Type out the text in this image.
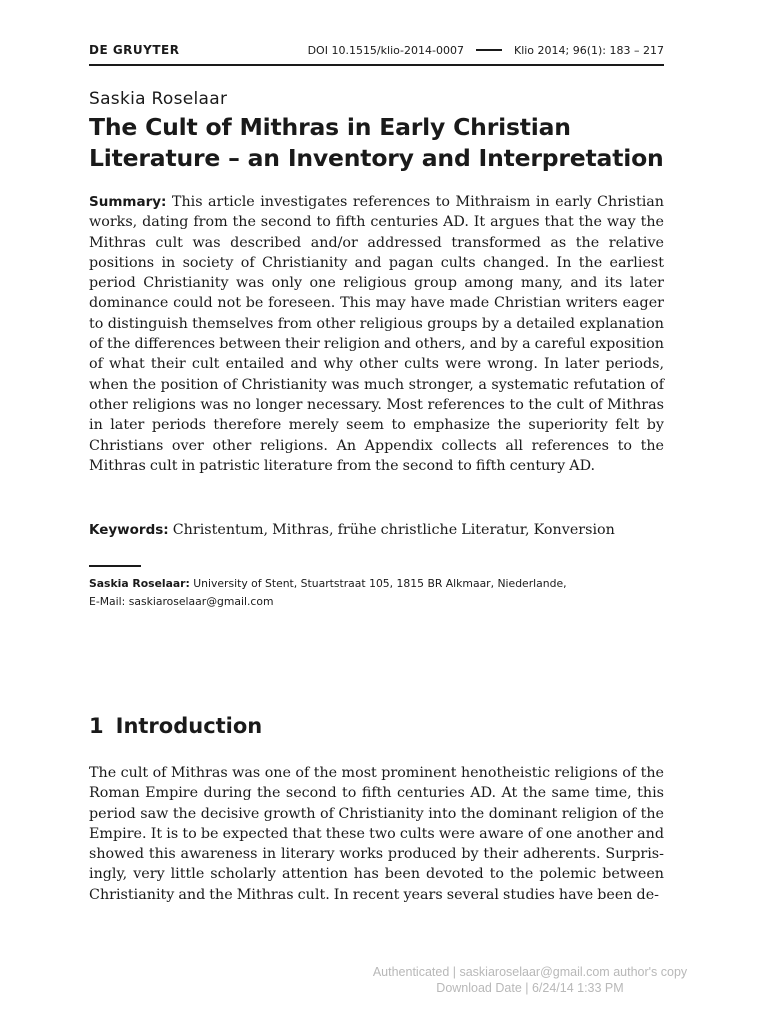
DE GRUYTER	DOI 10.1515/klio-2014-0007	Klio 2014; 96(1): 183 – 217
Saskia Roselaar
The Cult of Mithras in Early Christian
Literature – an Inventory and Interpretation

Summary: This article investigates references to Mithraism in early Christian works, dating from the second to fifth centuries AD. It argues that the way the Mithras cult was described and/or addressed transformed as the relative positions in society of Christianity and pagan cults changed. In the earliest period Christianity was only one religious group among many, and its later dominance could not be foreseen. This may have made Christian writers eager to distinguish themselves from other religious groups by a detailed explanation of the differences between their religion and others, and by a careful exposition of what their cult entailed and why other cults were wrong. In later periods, when the position of Christianity was much stronger, a systematic refutation of other religions was no longer necessary. Most references to the cult of Mithras in later periods therefore merely seem to emphasize the superiority felt by Christians over other religions. An Appendix collects all references to the Mithras cult in patristic literature from the second to fifth century AD.

Keywords: Christentum, Mithras, frühe christliche Literatur, Konversion

Saskia Roselaar: University of Stent, Stuartstraat 105, 1815 BR Alkmaar, Niederlande,
E-Mail: saskiaroselaar@gmail.com

1 Introduction

The cult of Mithras was one of the most prominent henotheistic religions of the Roman Empire during the second to fifth centuries AD. At the same time, this period saw the decisive growth of Christianity into the dominant religion of the Empire. It is to be expected that these two cults were aware of one another and showed this awareness in literary works produced by their adherents. Surprisingly, very little scholarly attention has been devoted to the polemic between Christianity and the Mithras cult. In recent years several studies have been de-

Authenticated | saskiaroselaar@gmail.com author's copy
Download Date | 6/24/14 1:33 PM
